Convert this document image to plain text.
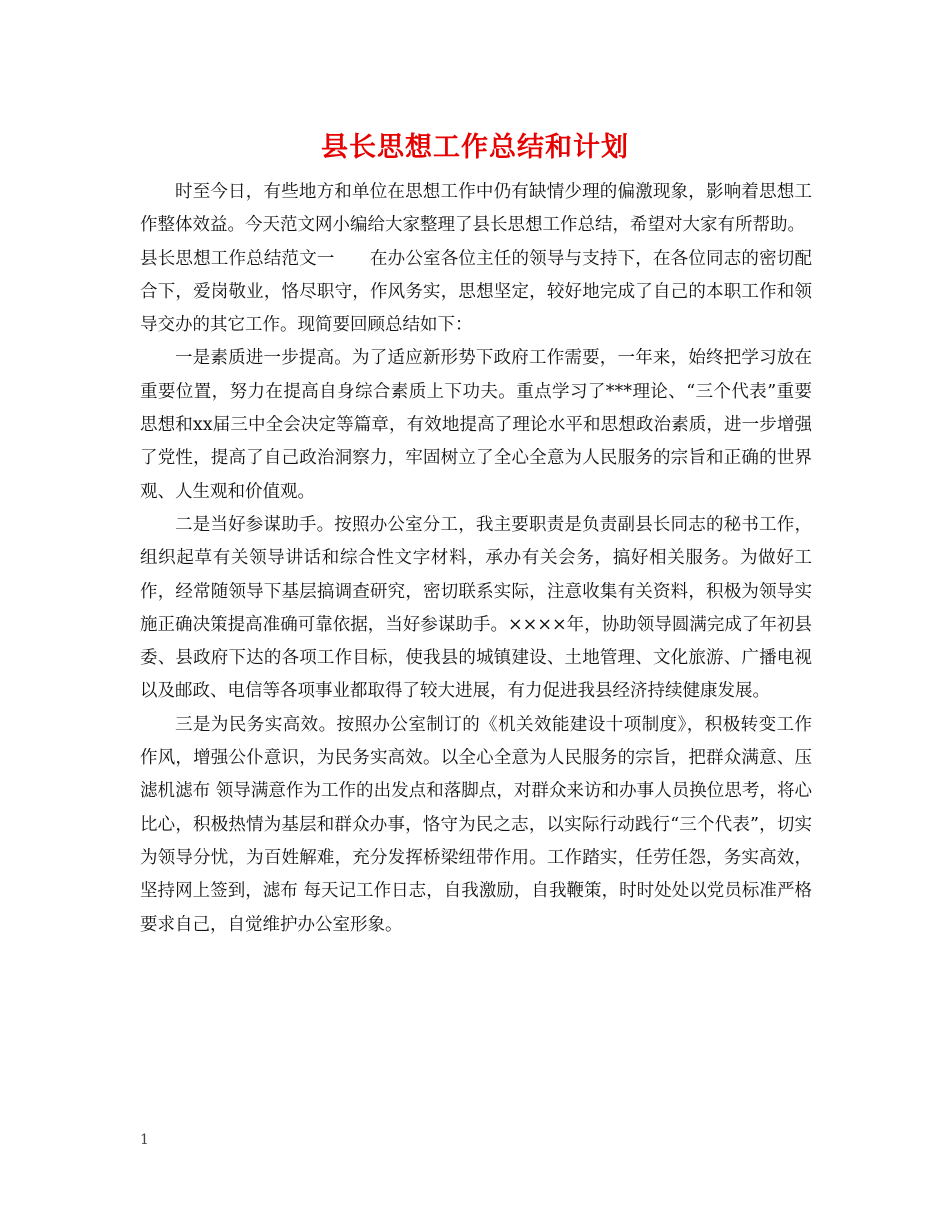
县长思想工作总结和计划

时至今日，有些地方和单位在思想工作中仍有缺情少理的偏激现象，影响着思想工作整体效益。今天范文网小编给大家整理了县长思想工作总结，希望对大家有所帮助。

县长思想工作总结范文一　　在办公室各位主任的领导与支持下，在各位同志的密切配合下，爱岗敬业，恪尽职守，作风务实，思想坚定，较好地完成了自己的本职工作和领导交办的其它工作。现简要回顾总结如下：

一是素质进一步提高。为了适应新形势下政府工作需要，一年来，始终把学习放在重要位置，努力在提高自身综合素质上下功夫。重点学习了***理论、“三个代表”重要思想和xx届三中全会决定等篇章，有效地提高了理论水平和思想政治素质，进一步增强了党性，提高了自己政治洞察力，牢固树立了全心全意为人民服务的宗旨和正确的世界观、人生观和价值观。

二是当好参谋助手。按照办公室分工，我主要职责是负责副县长同志的秘书工作，组织起草有关领导讲话和综合性文字材料，承办有关会务，搞好相关服务。为做好工作，经常随领导下基层搞调查研究，密切联系实际，注意收集有关资料，积极为领导实施正确决策提高准确可靠依据，当好参谋助手。××××年，协助领导圆满完成了年初县委、县政府下达的各项工作目标，使我县的城镇建设、土地管理、文化旅游、广播电视以及邮政、电信等各项事业都取得了较大进展，有力促进我县经济持续健康发展。

三是为民务实高效。按照办公室制订的《机关效能建设十项制度》，积极转变工作作风，增强公仆意识，为民务实高效。以全心全意为人民服务的宗旨，把群众满意、压滤机滤布 领导满意作为工作的出发点和落脚点，对群众来访和办事人员换位思考，将心比心，积极热情为基层和群众办事，恪守为民之志，以实际行动践行“三个代表”，切实为领导分忧，为百姓解难，充分发挥桥梁纽带作用。工作踏实，任劳任怨，务实高效，坚持网上签到，滤布 每天记工作日志，自我激励，自我鞭策，时时处处以党员标准严格要求自己，自觉维护办公室形象。

1
